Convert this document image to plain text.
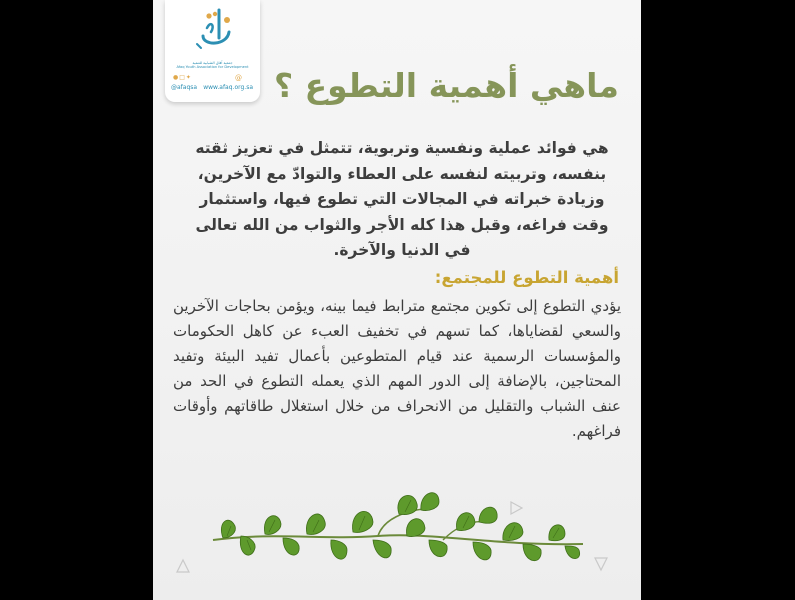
جمعية آفاق الشبابية للتنمية

Afaq Youth Association for Development

●□✦	@
@afaqsa www.afaq.org.sa ماهي أهمية التطوع ؟

هي فوائد عملية ونفسية وتربوية، تتمثل في تعزيز ثقته بنفسه، وتربيته لنفسه على العطاء والتوادّ مع الآخرين، وزيادة خبراته في المجالات التي تطوع فيها، واستثمار وقت فراغه، وقبل هذا كله الأجر والثواب من الله تعالى في الدنيا والآخرة.

أهمية التطوع للمجتمع:

يؤدي التطوع إلى تكوين مجتمع مترابط فيما بينه، ويؤمن بحاجات الآخرين والسعي لقضاياها، كما تسهم في تخفيف العبء عن كاهل الحكومات والمؤسسات الرسمية عند قيام المتطوعين بأعمال تفيد البيئة وتفيد المحتاجين، بالإضافة إلى الدور المهم الذي يعمله التطوع في الحد من عنف الشباب والتقليل من الانحراف من خلال استغلال طاقاتهم وأوقات فراغهم.
